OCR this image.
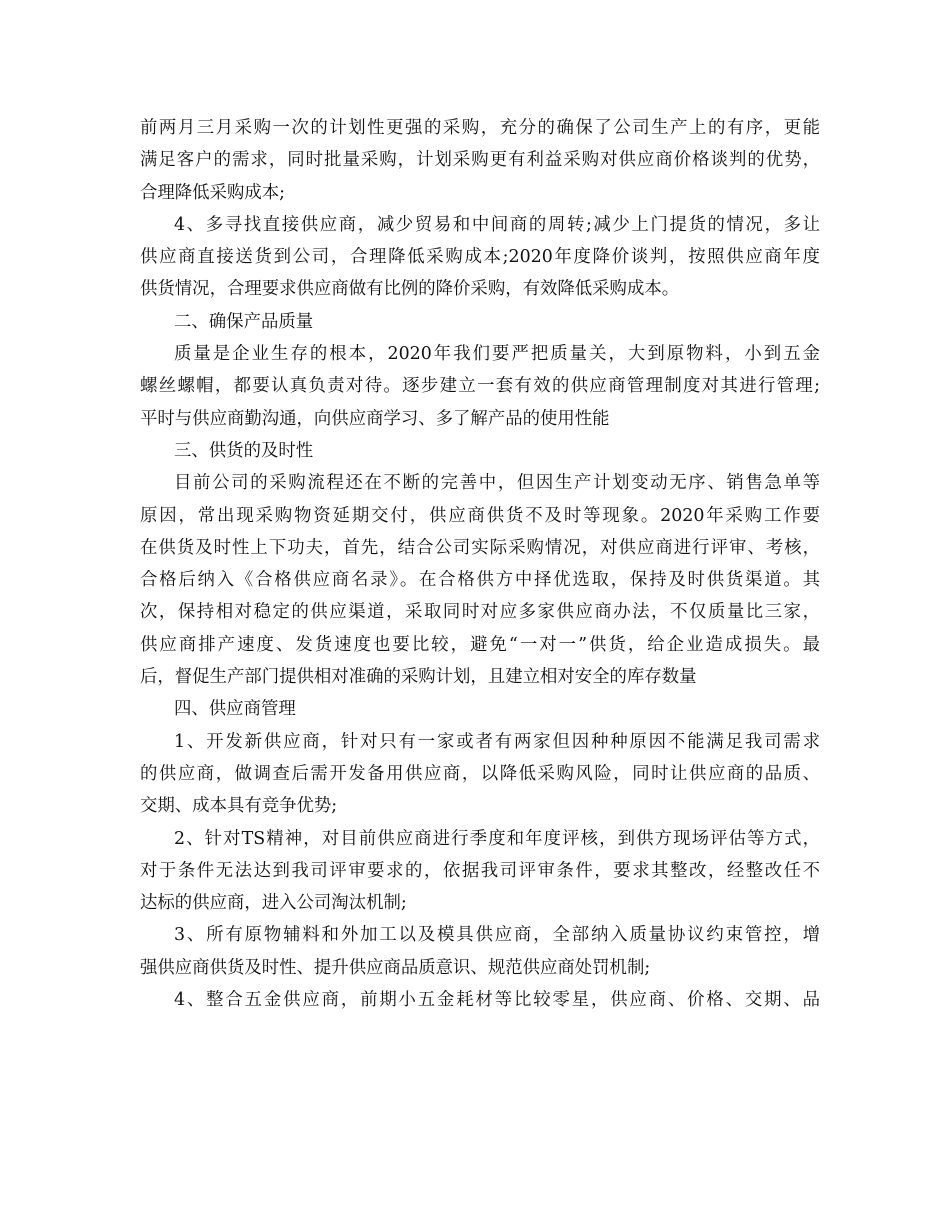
前两月三月采购一次的计划性更强的采购，充分的确保了公司生产上的有序，更能

满足客户的需求，同时批量采购，计划采购更有利益采购对供应商价格谈判的优势，

合理降低采购成本;

4、多寻找直接供应商，减少贸易和中间商的周转;减少上门提货的情况，多让

供应商直接送货到公司，合理降低采购成本;2020年度降价谈判，按照供应商年度

供货情况，合理要求供应商做有比例的降价采购，有效降低采购成本。

二、确保产品质量

质量是企业生存的根本，2020年我们要严把质量关，大到原物料，小到五金

螺丝螺帽，都要认真负责对待。逐步建立一套有效的供应商管理制度对其进行管理;

平时与供应商勤沟通，向供应商学习、多了解产品的使用性能

三、供货的及时性

目前公司的采购流程还在不断的完善中，但因生产计划变动无序、销售急单等

原因，常出现采购物资延期交付，供应商供货不及时等现象。2020年采购工作要

在供货及时性上下功夫，首先，结合公司实际采购情况，对供应商进行评审、考核，

合格后纳入《合格供应商名录》。在合格供方中择优选取，保持及时供货渠道。其

次，保持相对稳定的供应渠道，采取同时对应多家供应商办法，不仅质量比三家，

供应商排产速度、发货速度也要比较，避免“一对一”供货，给企业造成损失。最

后，督促生产部门提供相对准确的采购计划，且建立相对安全的库存数量

四、供应商管理

1、开发新供应商，针对只有一家或者有两家但因种种原因不能满足我司需求

的供应商，做调查后需开发备用供应商，以降低采购风险，同时让供应商的品质、

交期、成本具有竞争优势;

2、针对TS精神，对目前供应商进行季度和年度评核，到供方现场评估等方式，

对于条件无法达到我司评审要求的，依据我司评审条件，要求其整改，经整改任不

达标的供应商，进入公司淘汰机制;

3、所有原物辅料和外加工以及模具供应商，全部纳入质量协议约束管控，增

强供应商供货及时性、提升供应商品质意识、规范供应商处罚机制;

4、整合五金供应商，前期小五金耗材等比较零星，供应商、价格、交期、品
